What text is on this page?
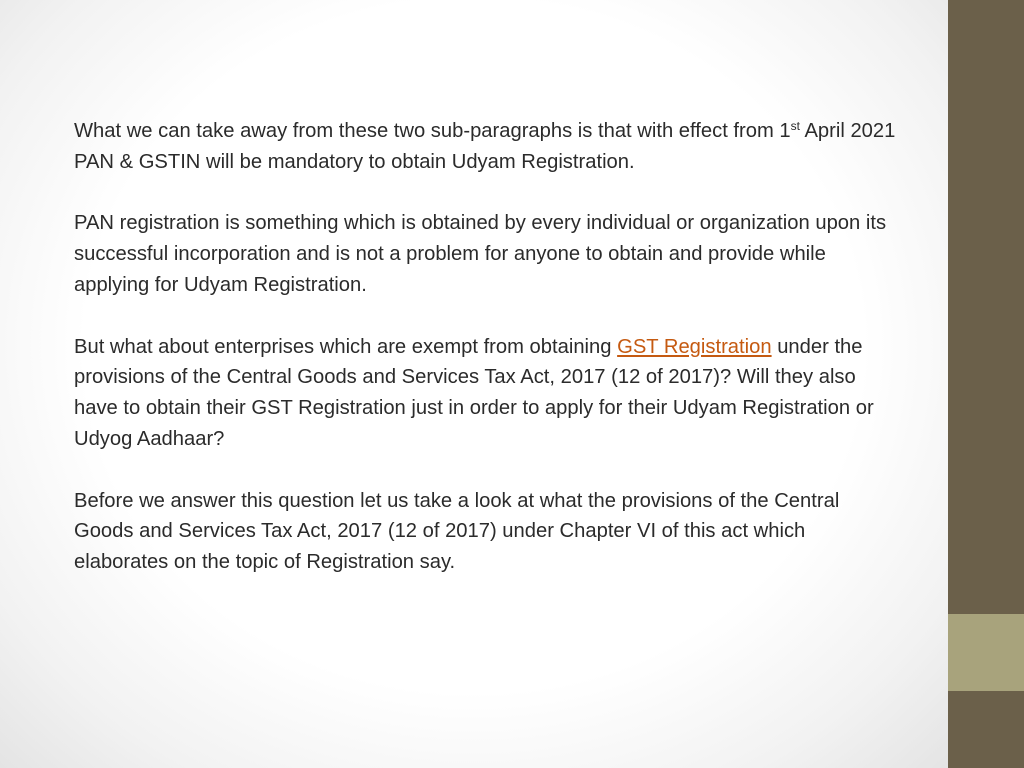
What we can take away from these two sub-paragraphs is that with effect from 1st April 2021 PAN & GSTIN will be mandatory to obtain Udyam Registration.

PAN registration is something which is obtained by every individual or organization upon its successful incorporation and is not a problem for anyone to obtain and provide while applying for Udyam Registration.

But what about enterprises which are exempt from obtaining GST Registration under the provisions of the Central Goods and Services Tax Act, 2017 (12 of 2017)? Will they also have to obtain their GST Registration just in order to apply for their Udyam Registration or Udyog Aadhaar?

Before we answer this question let us take a look at what the provisions of the Central Goods and Services Tax Act, 2017 (12 of 2017) under Chapter VI of this act which elaborates on the topic of Registration say.
